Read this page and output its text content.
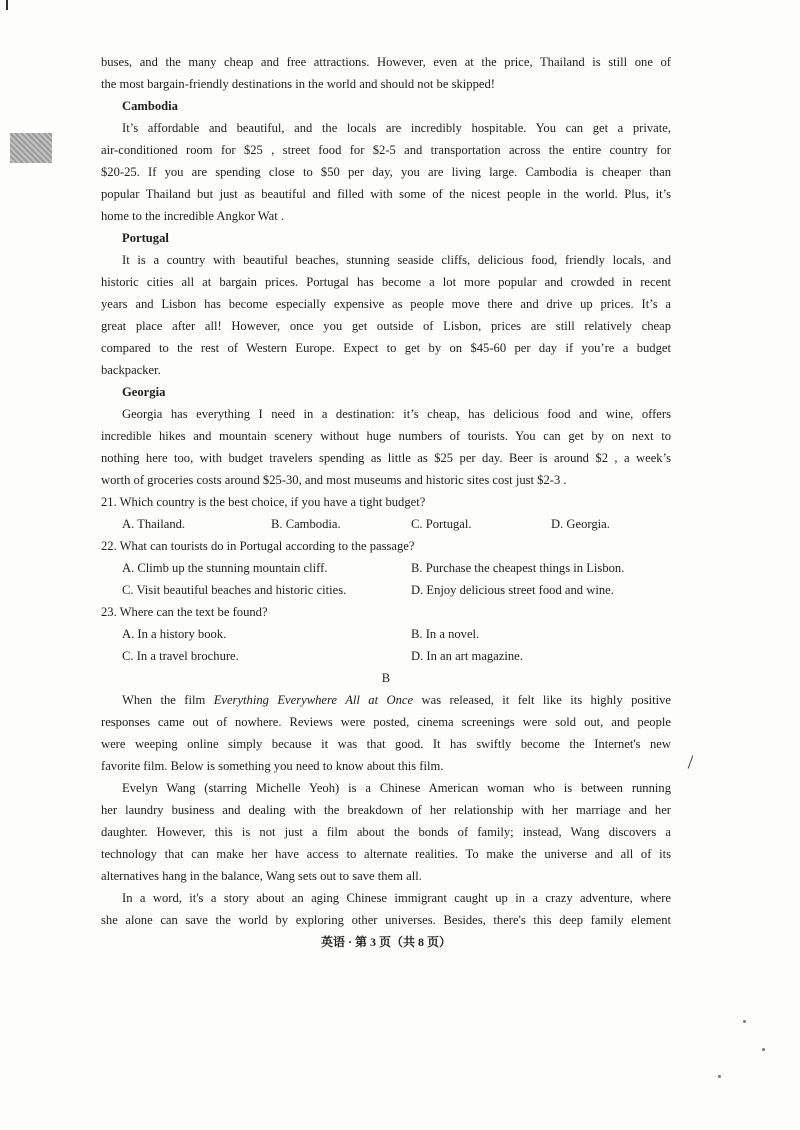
buses, and the many cheap and free attractions. However, even at the price, Thailand is still one of
the most bargain-friendly destinations in the world and should not be skipped!
Cambodia
It’s affordable and beautiful, and the locals are incredibly hospitable. You can get a private,
air-conditioned room for $25 , street food for $2-5 and transportation across the entire country for
$20-25. If you are spending close to $50 per day, you are living large. Cambodia is cheaper than
popular Thailand but just as beautiful and filled with some of the nicest people in the world. Plus, it’s
home to the incredible Angkor Wat .
Portugal
It is a country with beautiful beaches, stunning seaside cliffs, delicious food, friendly locals, and
historic cities all at bargain prices. Portugal has become a lot more popular and crowded in recent
years and Lisbon has become especially expensive as people move there and drive up prices. It’s a
great place after all! However, once you get outside of Lisbon, prices are still relatively cheap
compared to the rest of Western Europe. Expect to get by on $45-60 per day if you’re a budget
backpacker.
Georgia
Georgia has everything I need in a destination: it’s cheap, has delicious food and wine, offers
incredible hikes and mountain scenery without huge numbers of tourists. You can get by on next to
nothing here too, with budget travelers spending as little as $25 per day. Beer is around $2 , a week’s
worth of groceries costs around $25-30, and most museums and historic sites cost just $2-3 .
21. Which country is the best choice, if you have a tight budget?
A. Thailand.	B. Cambodia.	C. Portugal.	D. Georgia.
22. What can tourists do in Portugal according to the passage?
A. Climb up the stunning mountain cliff.	B. Purchase the cheapest things in Lisbon.
C. Visit beautiful beaches and historic cities.	D. Enjoy delicious street food and wine.
23. Where can the text be found?
A. In a history book.	B. In a novel.
C. In a travel brochure.	D. In an art magazine.
B
When the film Everything Everywhere All at Once was released, it felt like its highly positive
responses came out of nowhere. Reviews were posted, cinema screenings were sold out, and people
were weeping online simply because it was that good. It has swiftly become the Internet's new
favorite film. Below is something you need to know about this film.
Evelyn Wang (starring Michelle Yeoh) is a Chinese American woman who is between running
her laundry business and dealing with the breakdown of her relationship with her marriage and her
daughter. However, this is not just a film about the bonds of family; instead, Wang discovers a
technology that can make her have access to alternate realities. To make the universe and all of its
alternatives hang in the balance, Wang sets out to save them all.
In a word, it's a story about an aging Chinese immigrant caught up in a crazy adventure, where
she alone can save the world by exploring other universes. Besides, there's this deep family element
英语 · 第 3 页（共 8 页）
